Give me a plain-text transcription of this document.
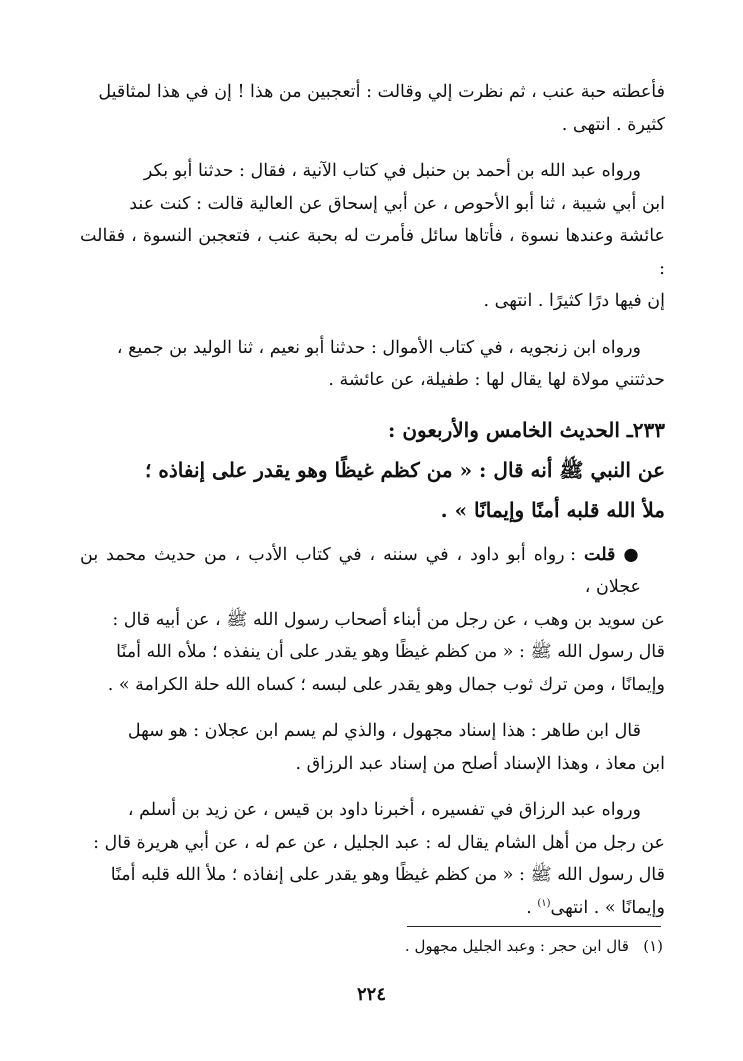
فأعطته حبة عنب ، ثم نظرت إلي وقالت : أتعجبين من هذا ! إن في هذا لمثاقيل
كثيرة . انتهى .
ورواه عبد الله بن أحمد بن حنبل في كتاب الآنية ، فقال : حدثنا أبو بكر
ابن أبي شيبة ، ثنا أبو الأحوص ، عن أبي إسحاق عن العالية قالت : كنت عند
عائشة وعندها نسوة ، فأتاها سائل فأمرت له بحبة عنب ، فتعجبن النسوة ، فقالت :
إن فيها درًا كثيرًا . انتهى .
ورواه ابن زنجويه ، في كتاب الأموال : حدثنا أبو نعيم ، ثنا الوليد بن جميع ،
حدثتني مولاة لها يقال لها : طفيلة، عن عائشة .
٢٣٣ـ الحديث الخامس والأربعون :
عن النبي ﷺ أنه قال : « من كظم غيظًا وهو يقدر على إنفاذه ؛
ملأ الله قلبه أمنًا وإيمانًا » .
● قلت : رواه أبو داود ، في سننه ، في كتاب الأدب ، من حديث محمد بن عجلان ،
عن سويد بن وهب ، عن رجل من أبناء أصحاب رسول الله ﷺ ، عن أبيه قال :
قال رسول الله ﷺ : « من كظم غيظًا وهو يقدر على أن ينفذه ؛ ملأه الله أمنًا
وإيمانًا ، ومن ترك ثوب جمال وهو يقدر على لبسه ؛ كساه الله حلة الكرامة » .
قال ابن طاهر : هذا إسناد مجهول ، والذي لم يسم ابن عجلان : هو سهل
ابن معاذ ، وهذا الإسناد أصلح من إسناد عبد الرزاق .
ورواه عبد الرزاق في تفسيره ، أخبرنا داود بن قيس ، عن زيد بن أسلم ،
عن رجل من أهل الشام يقال له : عبد الجليل ، عن عم له ، عن أبي هريرة قال :
قال رسول الله ﷺ : « من كظم غيظًا وهو يقدر على إنفاذه ؛ ملأ الله قلبه أمنًا
وإيمانًا » . انتهى$^{(١)}$ .
(١)   قال ابن حجر : وعبد الجليل مجهول .
٢٢٤
